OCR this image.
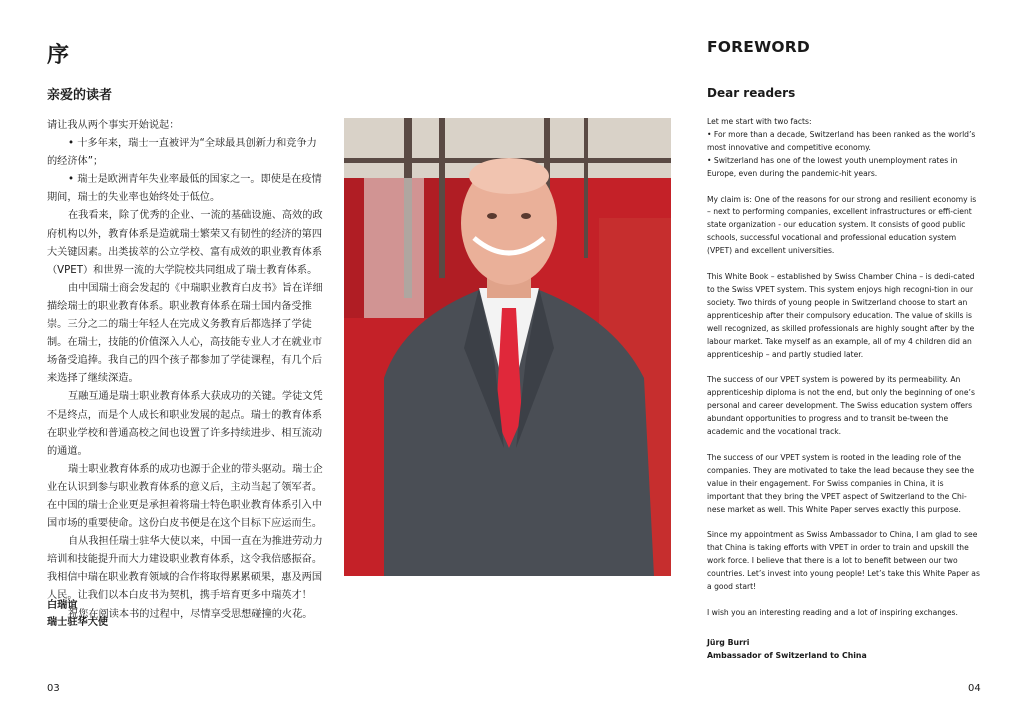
序
亲爱的读者

请让我从两个事实开始说起：

• 十多年来，瑞士一直被评为“全球最具创新力和竞争力的经济体”；

• 瑞士是欧洲青年失业率最低的国家之一。即使是在疫情期间，瑞士的失业率也始终处于低位。

在我看来，除了优秀的企业、一流的基础设施、高效的政府机构以外，教育体系是造就瑞士繁荣又有韧性的经济的第四大关键因素。出类拔萃的公立学校、富有成效的职业教育体系（VPET）和世界一流的大学院校共同组成了瑞士教育体系。

由中国瑞士商会发起的《中瑞职业教育白皮书》旨在详细描绘瑞士的职业教育体系。职业教育体系在瑞士国内备受推崇。三分之二的瑞士年轻人在完成义务教育后都选择了学徒制。在瑞士，技能的价值深入人心，高技能专业人才在就业市场备受追捧。我自己的四个孩子都参加了学徒课程，有几个后来选择了继续深造。

互融互通是瑞士职业教育体系大获成功的关键。学徒文凭不是终点，而是个人成长和职业发展的起点。瑞士的教育体系在职业学校和普通高校之间也设置了许多持续进步、相互流动的通道。

瑞士职业教育体系的成功也源于企业的带头驱动。瑞士企业在认识到参与职业教育体系的意义后，主动当起了领军者。在中国的瑞士企业更是承担着将瑞士特色职业教育体系引入中国市场的重要使命。这份白皮书便是在这个目标下应运而生。

自从我担任瑞士驻华大使以来，中国一直在为推进劳动力培训和技能提升而大力建设职业教育体系，这令我倍感振奋。我相信中瑞在职业教育领域的合作将取得累累硕果，惠及两国人民。让我们以本白皮书为契机，携手培育更多中瑞英才！

祝您在阅读本书的过程中，尽情享受思想碰撞的火花。

白瑞谊
瑞士驻华大使
03
FOREWORD
Dear readers

Let me start with two facts:

• For more than a decade, Switzerland has been ranked as the world’s most innovative and competitive economy.

• Switzerland has one of the lowest youth unemployment rates in Europe, even during the pandemic-hit years.

My claim is: One of the reasons for our strong and resilient economy is – next to performing companies, excellent infrastructures or effi-cient state organization - our education system. It consists of good public schools, successful vocational and professional education system (VPET) and excellent universities.

This White Book – established by Swiss Chamber China – is dedi-cated to the Swiss VPET system. This system enjoys high recogni-tion in our society. Two thirds of young people in Switzerland choose to start an apprenticeship after their compulsory education. The value of skills is well recognized, as skilled professionals are highly sought after by the labour market. Take myself as an example, all of my 4 children did an apprenticeship – and partly studied later.

The success of our VPET system is powered by its permeability. An apprenticeship diploma is not the end, but only the beginning of one’s personal and career development. The Swiss education system offers abundant opportunities to progress and to transit be-tween the academic and the vocational track.

The success of our VPET system is rooted in the leading role of the companies. They are motivated to take the lead because they see the value in their engagement. For Swiss companies in China, it is important that they bring the VPET aspect of Switzerland to the Chi-nese market as well. This White Paper serves exactly this purpose.

Since my appointment as Swiss Ambassador to China, I am glad to see that China is taking efforts with VPET in order to train and upskill the work force. I believe that there is a lot to benefit between our two countries. Let’s invest into young people! Let’s take this White Paper as a good start!

I wish you an interesting reading and a lot of inspiring exchanges.

Jürg Burri
Ambassador of Switzerland to China
04
